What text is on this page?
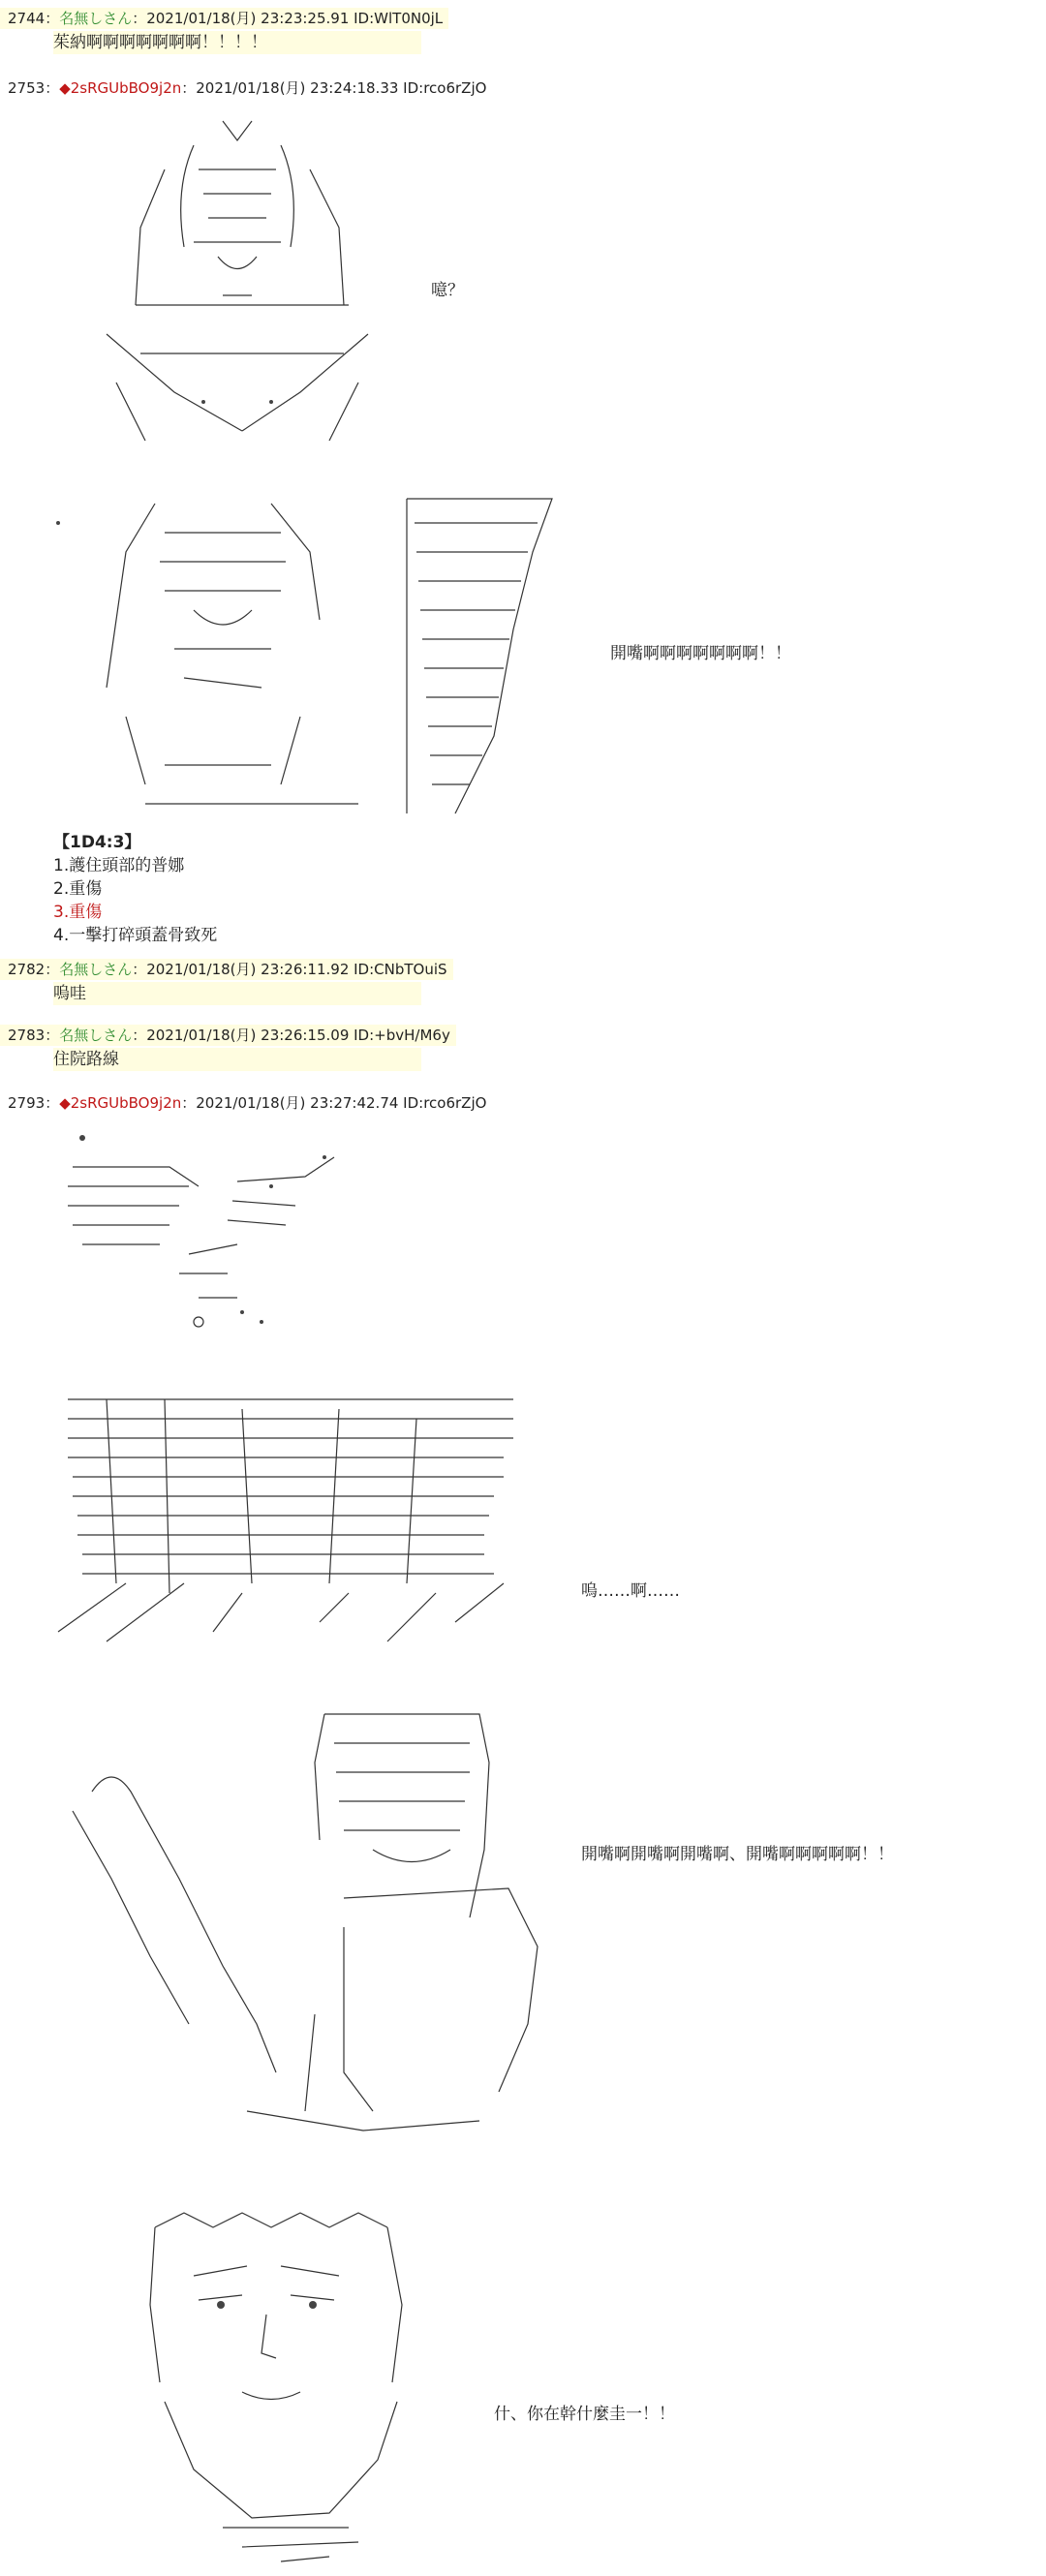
2744：名無しさん：2021/01/18(月) 23:23:25.91 ID:WlT0N0jL
茱納啊啊啊啊啊啊啊！！！！
2753：◆2sRGUbBO9j2n：2021/01/18(月) 23:24:18.33 ID:rco6rZjO
噫？
開嘴啊啊啊啊啊啊啊！！
【1D4:3】
1.護住頭部的普娜
2.重傷
3.重傷
4.一擊打碎頭蓋骨致死
2782：名無しさん：2021/01/18(月) 23:26:11.92 ID:CNbTOuiS
嗚哇
2783：名無しさん：2021/01/18(月) 23:26:15.09 ID:+bvH/M6y
住院路線
2793：◆2sRGUbBO9j2n：2021/01/18(月) 23:27:42.74 ID:rco6rZjO
嗚……啊……
開嘴啊開嘴啊開嘴啊、開嘴啊啊啊啊啊！！
什、你在幹什麼圭一！！
